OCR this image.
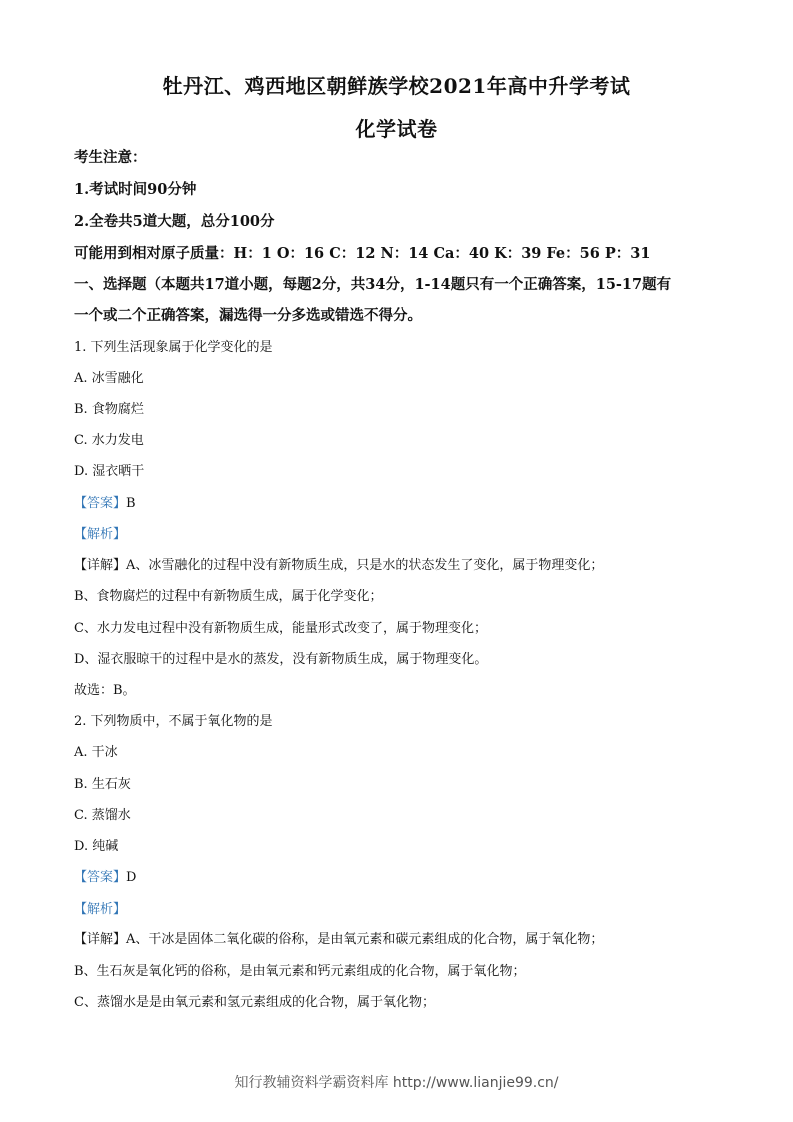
牡丹江、鸡西地区朝鲜族学校2021年高中升学考试
化学试卷
考生注意：
1.考试时间90分钟
2.全卷共5道大题，总分100分
可能用到相对原子质量：H：1 O：16 C：12 N：14 Ca：40 K：39 Fe：56 P：31
一、选择题（本题共17道小题，每题2分，共34分，1-14题只有一个正确答案，15-17题有
一个或二个正确答案，漏选得一分多选或错选不得分。
1. 下列生活现象属于化学变化的是
A. 冰雪融化
B. 食物腐烂
C. 水力发电
D. 湿衣晒干
【答案】B
【解析】
【详解】A、冰雪融化的过程中没有新物质生成，只是水的状态发生了变化，属于物理变化；
B、食物腐烂的过程中有新物质生成，属于化学变化；
C、水力发电过程中没有新物质生成，能量形式改变了，属于物理变化；
D、湿衣服晾干的过程中是水的蒸发，没有新物质生成，属于物理变化。
故选：B。
2. 下列物质中，不属于氧化物的是
A. 干冰
B. 生石灰
C. 蒸馏水
D. 纯碱
【答案】D
【解析】
【详解】A、干冰是固体二氧化碳的俗称，是由氧元素和碳元素组成的化合物，属于氧化物；
B、生石灰是氧化钙的俗称，是由氧元素和钙元素组成的化合物，属于氧化物；
C、蒸馏水是是由氧元素和氢元素组成的化合物，属于氧化物；
知行教辅资料学霸资料库 http://www.lianjie99.cn/
